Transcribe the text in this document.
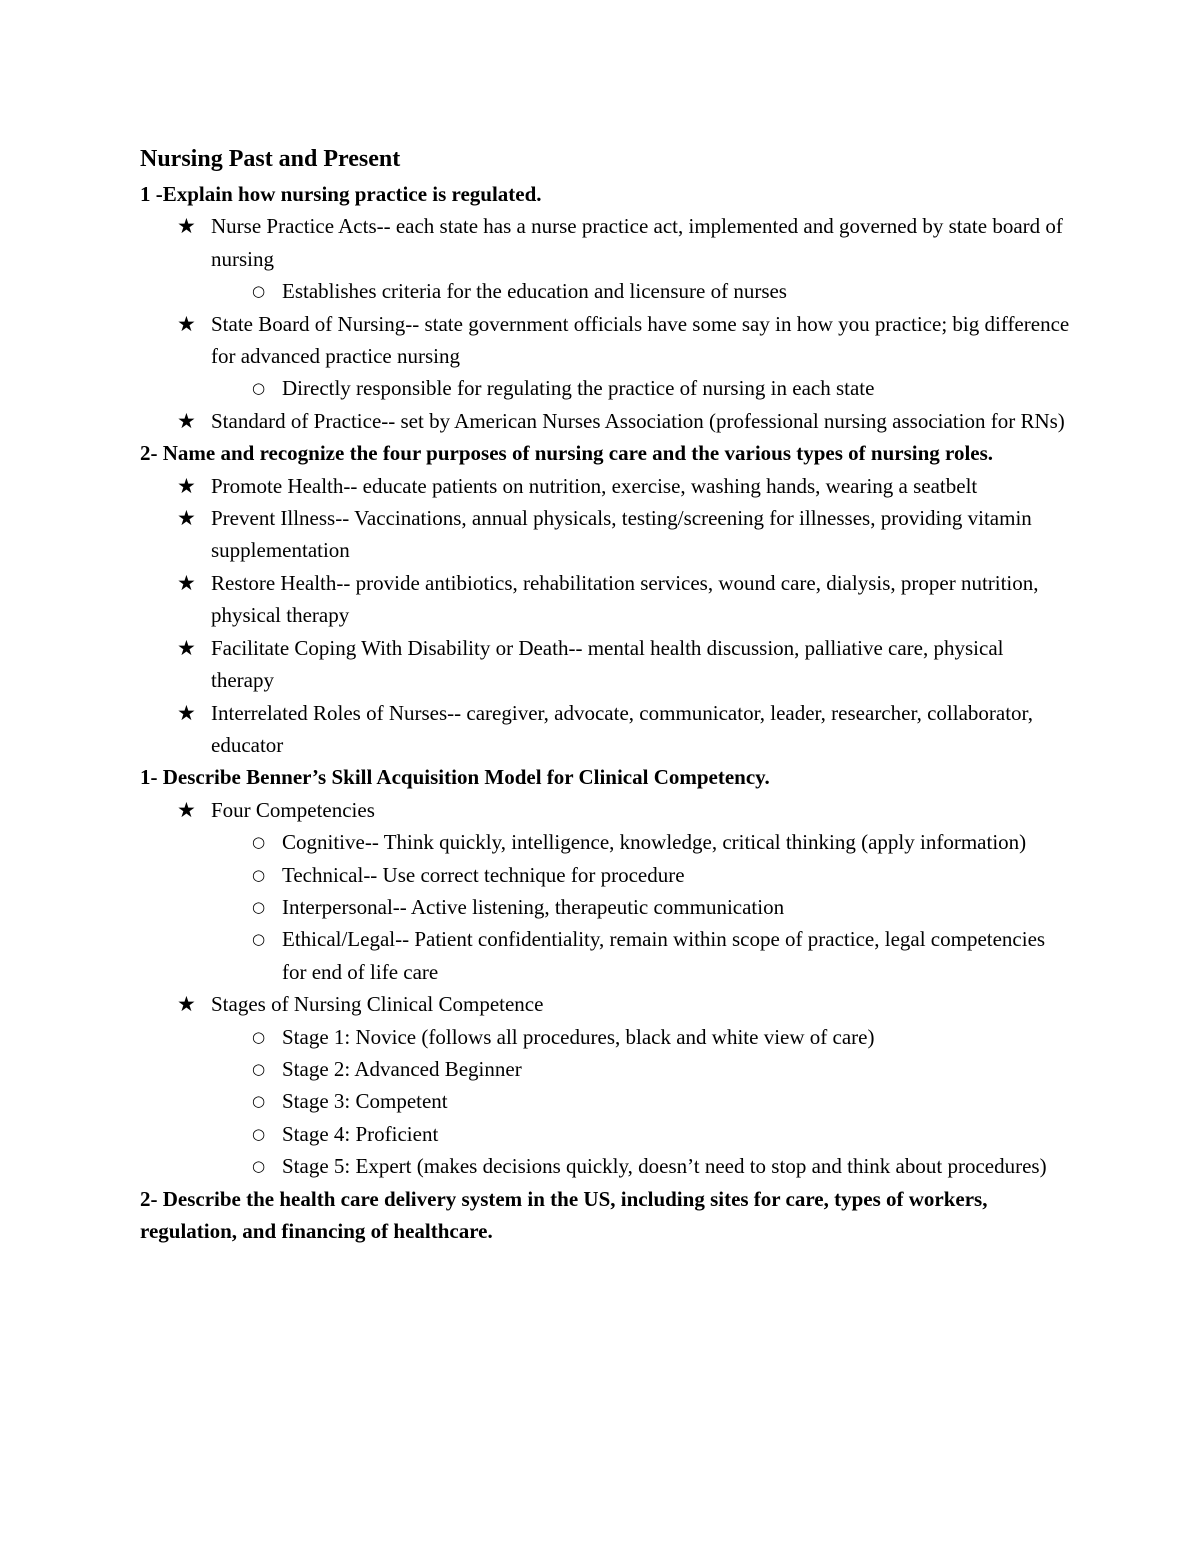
Nursing Past and Present
1 -Explain how nursing practice is regulated.
★ Nurse Practice Acts-- each state has a nurse practice act, implemented and governed by state board of nursing
○ Establishes criteria for the education and licensure of nurses
★ State Board of Nursing-- state government officials have some say in how you practice; big difference for advanced practice nursing
○ Directly responsible for regulating the practice of nursing in each state
★ Standard of Practice-- set by American Nurses Association (professional nursing association for RNs)
2- Name and recognize the four purposes of nursing care and the various types of nursing roles.
★ Promote Health-- educate patients on nutrition, exercise, washing hands, wearing a seatbelt
★ Prevent Illness-- Vaccinations, annual physicals, testing/screening for illnesses, providing vitamin supplementation
★ Restore Health-- provide antibiotics, rehabilitation services, wound care, dialysis, proper nutrition, physical therapy
★ Facilitate Coping With Disability or Death-- mental health discussion, palliative care, physical therapy
★ Interrelated Roles of Nurses-- caregiver, advocate, communicator, leader, researcher, collaborator, educator
1- Describe Benner’s Skill Acquisition Model for Clinical Competency.
★ Four Competencies
○ Cognitive-- Think quickly, intelligence, knowledge, critical thinking (apply information)
○ Technical-- Use correct technique for procedure
○ Interpersonal-- Active listening, therapeutic communication
○ Ethical/Legal-- Patient confidentiality, remain within scope of practice, legal competencies for end of life care
★ Stages of Nursing Clinical Competence
○ Stage 1: Novice (follows all procedures, black and white view of care)
○ Stage 2: Advanced Beginner
○ Stage 3: Competent
○ Stage 4: Proficient
○ Stage 5: Expert (makes decisions quickly, doesn’t need to stop and think about procedures)
2- Describe the health care delivery system in the US, including sites for care, types of workers, regulation, and financing of healthcare.
